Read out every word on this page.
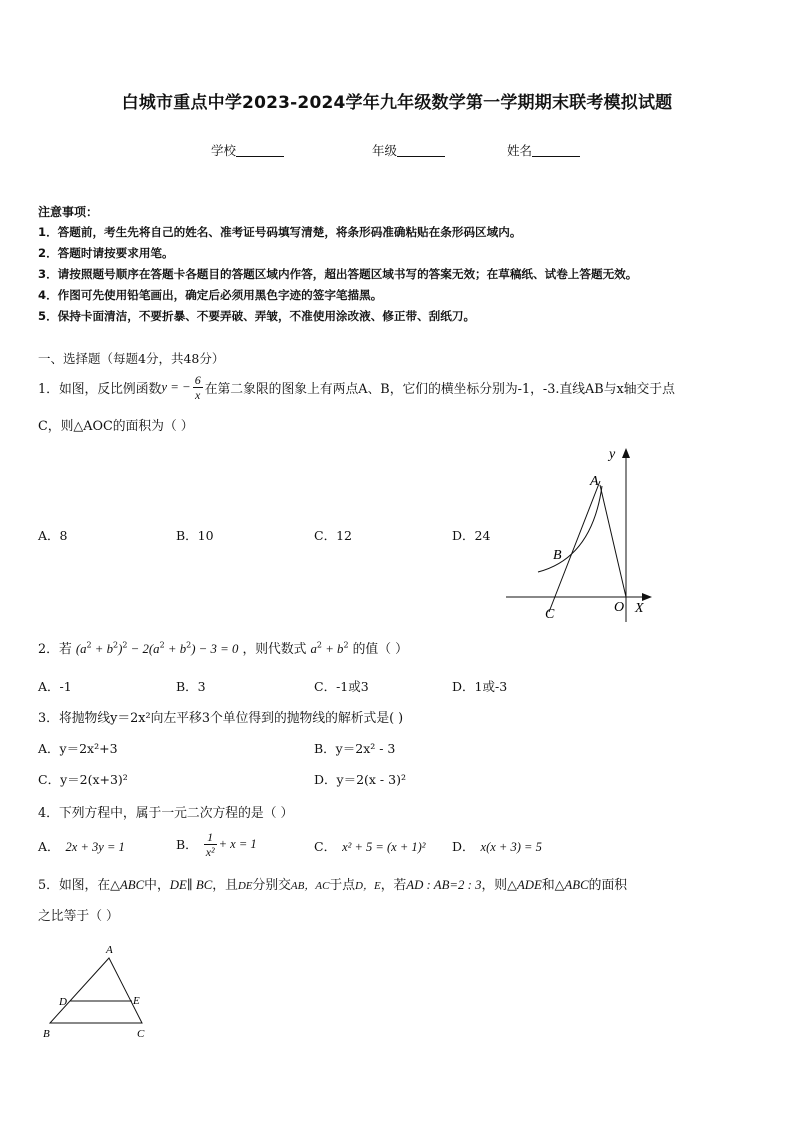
白城市重点中学2023-2024学年九年级数学第一学期期末联考模拟试题
学校	年级	姓名
注意事项：
1．答题前，考生先将自己的姓名、准考证号码填写清楚，将条形码准确粘贴在条形码区域内。
2．答题时请按要求用笔。
3．请按照题号顺序在答题卡各题目的答题区域内作答，超出答题区域书写的答案无效；在草稿纸、试卷上答题无效。
4．作图可先使用铅笔画出，确定后必须用黑色字迹的签字笔描黑。
5．保持卡面清洁，不要折暴、不要弄破、弄皱，不准使用涂改液、修正带、刮纸刀。
一、选择题（每题4分，共48分）
1．如图，反比例函数 y = − $\frac{6}{x}$ 在第二象限的图象上有两点A、B，它们的横坐标分别为-1，-3.直线AB与x轴交于点
C，则△AOC的面积为（ ）
A．8	B．10	C．12	D．24
y
A
B
C	O X
2．若 $(a^2 + b^2)^2 - 2(a^2 + b^2) - 3 = 0$ ，则代数式 $a^2 + b^2$ 的值（ ）
A．-1	B．3	C．-1或3	D．1或-3
3．将抛物线y＝2x²向左平移3个单位得到的抛物线的解析式是( )
A．y＝2x²+3	B．y＝2x² - 3
C．y＝2(x+3)²	D．y＝2(x - 3)²
4．下列方程中，属于一元二次方程的是（ ）
A． 2x + 3y = 1	B． $\frac{1}{\text{x²}} + x = 1$	C． x² + 5 = (x + 1)² D． x(x + 3) = 5
5．如图，在△ABC中，DE∥ BC，且DE分别交AB，AC于点D，E，若AD : AB=2 : 3，则△ADE和△ABC的面积
之比等于（ ）
A
D	E
B	C
